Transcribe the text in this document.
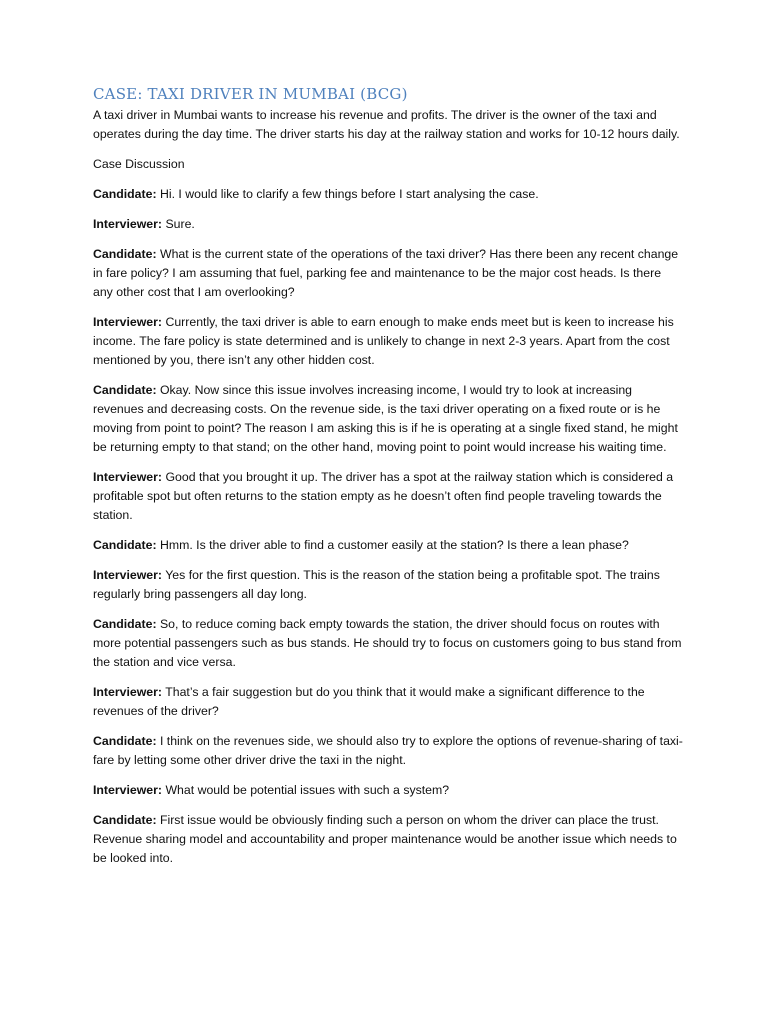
CASE: TAXI DRIVER IN MUMBAI (BCG)

A taxi driver in Mumbai wants to increase his revenue and profits. The driver is the owner of the taxi and operates during the day time. The driver starts his day at the railway station and works for 10-12 hours daily.

Case Discussion

Candidate: Hi. I would like to clarify a few things before I start analysing the case.

Interviewer: Sure.

Candidate: What is the current state of the operations of the taxi driver? Has there been any recent change in fare policy? I am assuming that fuel, parking fee and maintenance to be the major cost heads. Is there any other cost that I am overlooking?

Interviewer: Currently, the taxi driver is able to earn enough to make ends meet but is keen to increase his income. The fare policy is state determined and is unlikely to change in next 2-3 years. Apart from the cost mentioned by you, there isn’t any other hidden cost.

Candidate: Okay. Now since this issue involves increasing income, I would try to look at increasing revenues and decreasing costs. On the revenue side, is the taxi driver operating on a fixed route or is he moving from point to point? The reason I am asking this is if he is operating at a single fixed stand, he might be returning empty to that stand; on the other hand, moving point to point would increase his waiting time.

Interviewer: Good that you brought it up. The driver has a spot at the railway station which is considered a profitable spot but often returns to the station empty as he doesn’t often find people traveling towards the station.

Candidate: Hmm. Is the driver able to find a customer easily at the station? Is there a lean phase?

Interviewer: Yes for the first question. This is the reason of the station being a profitable spot. The trains regularly bring passengers all day long.

Candidate: So, to reduce coming back empty towards the station, the driver should focus on routes with more potential passengers such as bus stands. He should try to focus on customers going to bus stand from the station and vice versa.

Interviewer: That’s a fair suggestion but do you think that it would make a significant difference to the revenues of the driver?

Candidate: I think on the revenues side, we should also try to explore the options of revenue-sharing of taxi-fare by letting some other driver drive the taxi in the night.

Interviewer: What would be potential issues with such a system?

Candidate: First issue would be obviously finding such a person on whom the driver can place the trust. Revenue sharing model and accountability and proper maintenance would be another issue which needs to be looked into.
